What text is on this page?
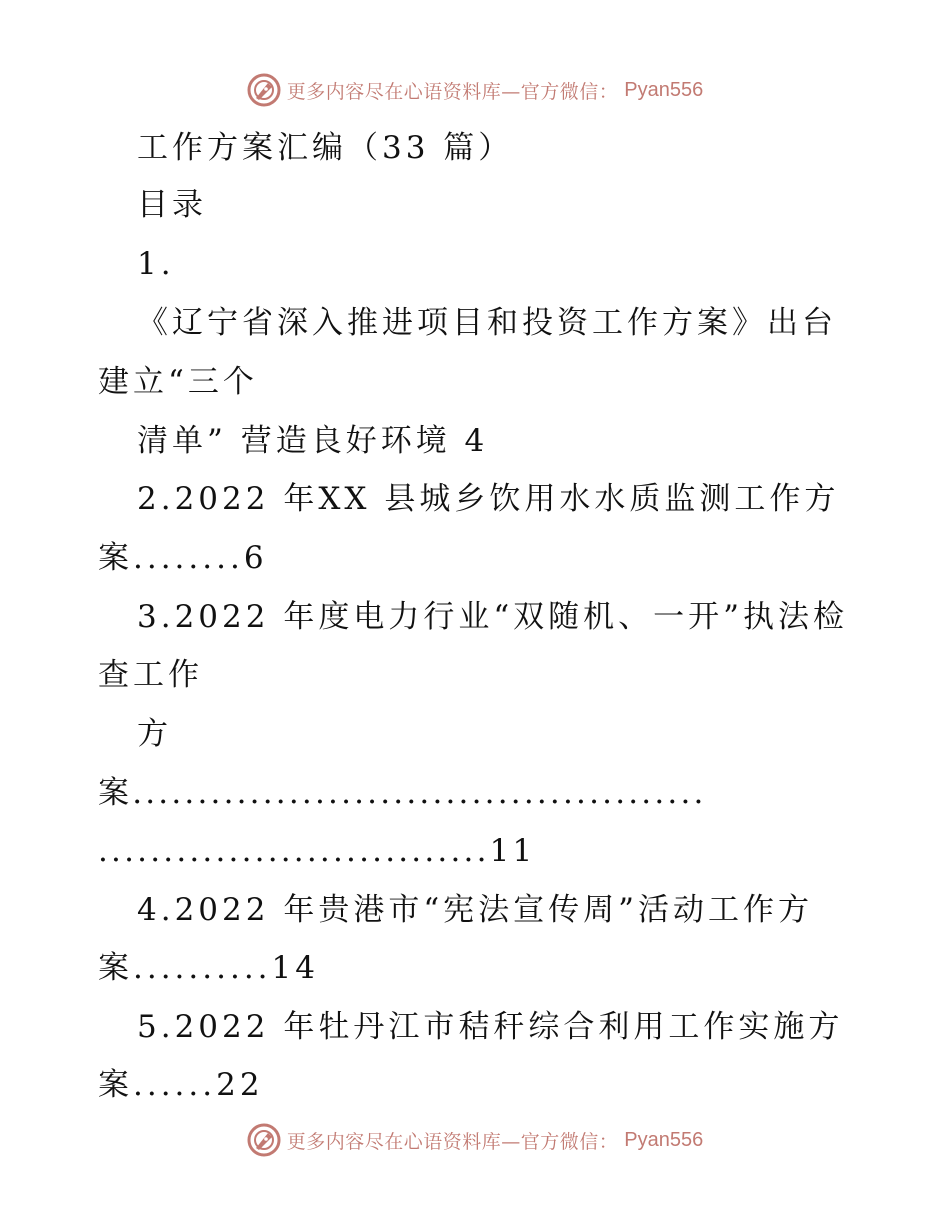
更多内容尽在心语资料库—官方微信： Pyan556
工作方案汇编（33 篇）
目录
1.
《辽宁省深入推进项目和投资工作方案》出台
建立“三个
清单” 营造良好环境 4
2.2022 年XX 县城乡饮用水水质监测工作方
案........6
3.2022 年度电力行业“双随机、一开”执法检
查工作
方
案............................................
..............................11
4.2022 年贵港市“宪法宣传周”活动工作方
案..........14
5.2022 年牡丹江市秸秆综合利用工作实施方
案......22
更多内容尽在心语资料库—官方微信： Pyan556
